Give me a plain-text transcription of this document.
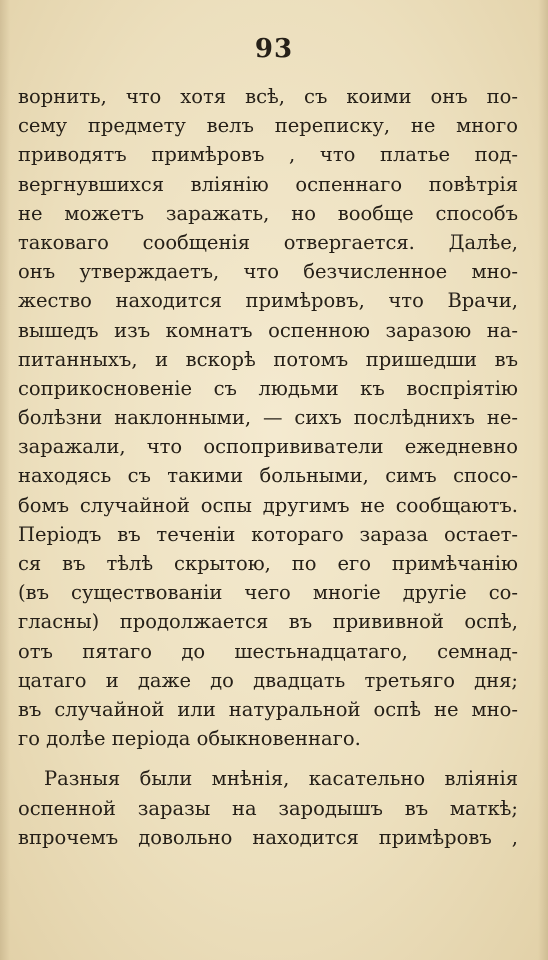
93
ворнить, что хотя всѣ, съ коими онъ по-
сему предмету велъ переписку, не много
приводятъ примѣровъ , что платье под-
вергнувшихся вліянію оспеннаго повѣтрія
не можетъ заражать, но вообще способъ
таковаго сообщенія отвергается. Далѣе,
онъ утверждаетъ, что безчисленное мно-
жество находится примѣровъ, что Врачи,
вышедъ изъ комнатъ оспенною заразою на-
питанныхъ, и вскорѣ потомъ пришедши въ
соприкосновеніе съ людьми къ воспріятію
болѣзни наклонными, — сихъ послѣднихъ не-
заражали, что оспопрививатели ежедневно
находясь съ такими больными, симъ спосо-
бомъ случайной оспы другимъ не сообщаютъ.
Періодъ въ теченіи котораго зараза остает-
ся въ тѣлѣ скрытою, по его примѣчанію
(въ существованіи чего многіе другіе со-
гласны) продолжается въ прививной оспѣ,
отъ пятаго до шестьнадцатаго, семнад-
цатаго и даже до двадцать третьяго дня;
въ случайной или натуральной оспѣ не мно-
го долѣе періода обыкновеннаго.
Разныя были мнѣнія, касательно вліянія
оспенной заразы на зародышъ въ маткѣ;
впрочемъ довольно находится примѣровъ ,
